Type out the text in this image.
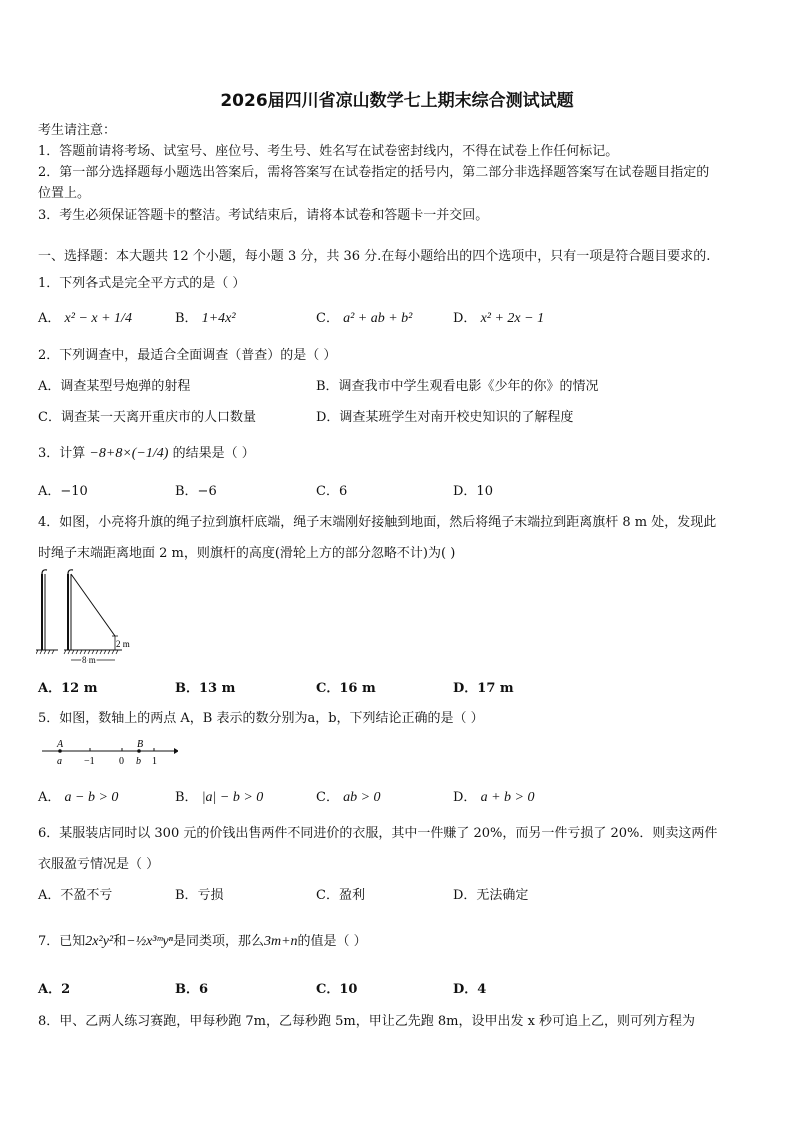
2026届四川省凉山数学七上期末综合测试试题
考生请注意：
1．答题前请将考场、试室号、座位号、考生号、姓名写在试卷密封线内，不得在试卷上作任何标记。
2．第一部分选择题每小题选出答案后，需将答案写在试卷指定的括号内，第二部分非选择题答案写在试卷题目指定的
位置上。
3．考生必须保证答题卡的整洁。考试结束后，请将本试卷和答题卡一并交回。
一、选择题：本大题共 12 个小题，每小题 3 分，共 36 分.在每小题给出的四个选项中，只有一项是符合题目要求的.
1．下列各式是完全平方式的是（ ）
A． x² − x + 1/4	B． 1+4x²	C． a² + ab + b²	D． x² + 2x − 1
2．下列调查中，最适合全面调查（普查）的是（ ）
A．调查某型号炮弹的射程	B．调查我市中学生观看电影《少年的你》的情况
C．调查某一天离开重庆市的人口数量	D．调查某班学生对南开校史知识的了解程度
3．计算 −8+8×(−1/4) 的结果是（ ）
A．−10	B．−6	C．6	D．10
4．如图，小亮将升旗的绳子拉到旗杆底端，绳子末端刚好接触到地面，然后将绳子末端拉到距离旗杆 8 m 处，发现此
时绳子末端距离地面 2 m，则旗杆的高度(滑轮上方的部分忽略不计)为( )
2 m
8 m
A．12 m	B．13 m	C．16 m	D．17 m
5．如图，数轴上的两点 A，B 表示的数分别为a，b，下列结论正确的是（ ）
A	B
a −1 0 b 1
A． a − b > 0	B． |a| − b > 0	C． ab > 0	D． a + b > 0
6．某服装店同时以 300 元的价钱出售两件不同进价的衣服，其中一件赚了 20%，而另一件亏损了 20%．则卖这两件
衣服盈亏情况是（ ）
A．不盈不亏	B．亏损	C．盈利	D．无法确定
7．已知2x²y²和−½x³ᵐyⁿ是同类项，那么3m+n的值是（ ）
A．2	B．6	C．10	D．4
8．甲、乙两人练习赛跑，甲每秒跑 7m，乙每秒跑 5m，甲让乙先跑 8m，设甲出发 x 秒可追上乙，则可列方程为
